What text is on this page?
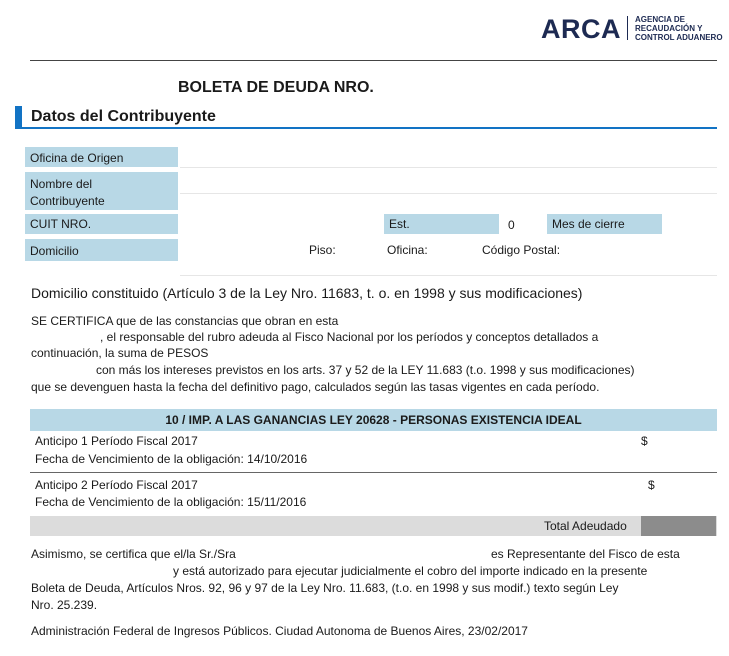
ARCA AGENCIA DE
RECAUDACIÓN Y
CONTROL ADUANERO
BOLETA DE DEUDA NRO.
Datos del Contribuyente
Oficina de Origen
Nombre del
Contribuyente
CUIT NRO.	Est.	0	Mes de cierre
Domicilio	Piso:	Oficina:	Código Postal:
Domicilio constituido (Artículo 3 de la Ley Nro. 11683, t. o. en 1998 y sus modificaciones)
SE CERTIFICA que de las constancias que obran en esta
, el responsable del rubro adeuda al Fisco Nacional por los períodos y conceptos detallados a
continuación, la suma de PESOS
con más los intereses previstos en los arts. 37 y 52 de la LEY 11.683 (t.o. 1998 y sus modificaciones)
que se devenguen hasta la fecha del definitivo pago, calculados según las tasas vigentes en cada período.
10 / IMP. A LAS GANANCIAS LEY 20628 - PERSONAS EXISTENCIA IDEAL
Anticipo 1 Período Fiscal 2017	$
Fecha de Vencimiento de la obligación: 14/10/2016
Anticipo 2 Período Fiscal 2017	$
Fecha de Vencimiento de la obligación: 15/11/2016
Total Adeudado
Asimismo, se certifica que el/la Sr./Sra	es Representante del Fisco de esta
y está autorizado para ejecutar judicialmente el cobro del importe indicado en la presente
Boleta de Deuda, Artículos Nros. 92, 96 y 97 de la Ley Nro. 11.683, (t.o. en 1998 y sus modif.) texto según Ley
Nro. 25.239.
Administración Federal de Ingresos Públicos. Ciudad Autonoma de Buenos Aires, 23/02/2017
